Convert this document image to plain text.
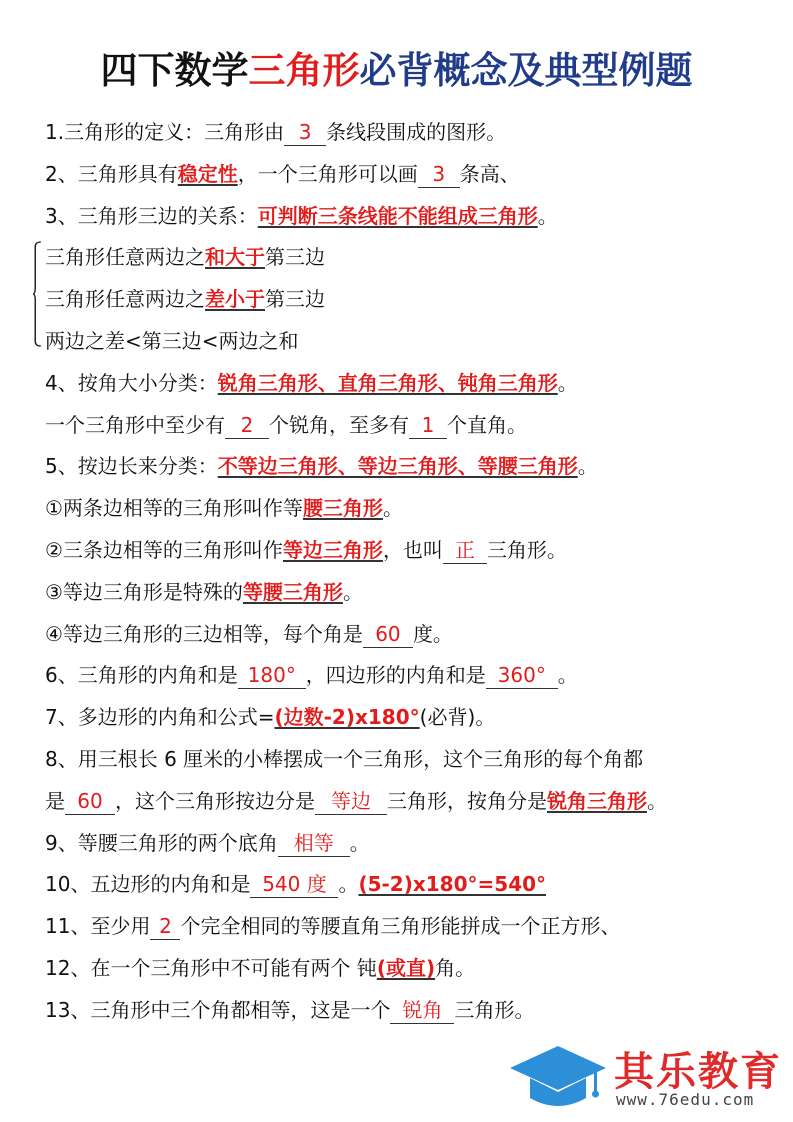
四下数学三角形必背概念及典型例题
1.三角形的定义：三角形由 3 条线段围成的图形。
2、三角形具有稳定性，一个三角形可以画 3 条高、
3、三角形三边的关系：可判断三条线能不能组成三角形。
三角形任意两边之和大于第三边
三角形任意两边之差小于第三边
两边之差<第三边<两边之和
4、按角大小分类：锐角三角形、直角三角形、钝角三角形。
一个三角形中至少有 2 个锐角，至多有 1 个直角。
5、按边长来分类：不等边三角形、等边三角形、等腰三角形。
①两条边相等的三角形叫作等腰三角形。
②三条边相等的三角形叫作等边三角形，也叫 正 三角形。
③等边三角形是特殊的等腰三角形。
④等边三角形的三边相等，每个角是 60 度。
6、三角形的内角和是 180° ，四边形的内角和是 360° 。
7、多边形的内角和公式=(边数-2)x180°(必背)。
8、用三根长 6 厘米的小棒摆成一个三角形，这个三角形的每个角都
是 60 ，这个三角形按边分是 等边 三角形，按角分是锐角三角形。
9、等腰三角形的两个底角 相等 。
10、五边形的内角和是 540 度 。(5-2)x180°=540°
11、至少用 2 个完全相同的等腰直角三角形能拼成一个正方形、
12、在一个三角形中不可能有两个 钝(或直)角。
13、三角形中三个角都相等，这是一个 锐角 三角形。
其乐教育
www.76edu.com
